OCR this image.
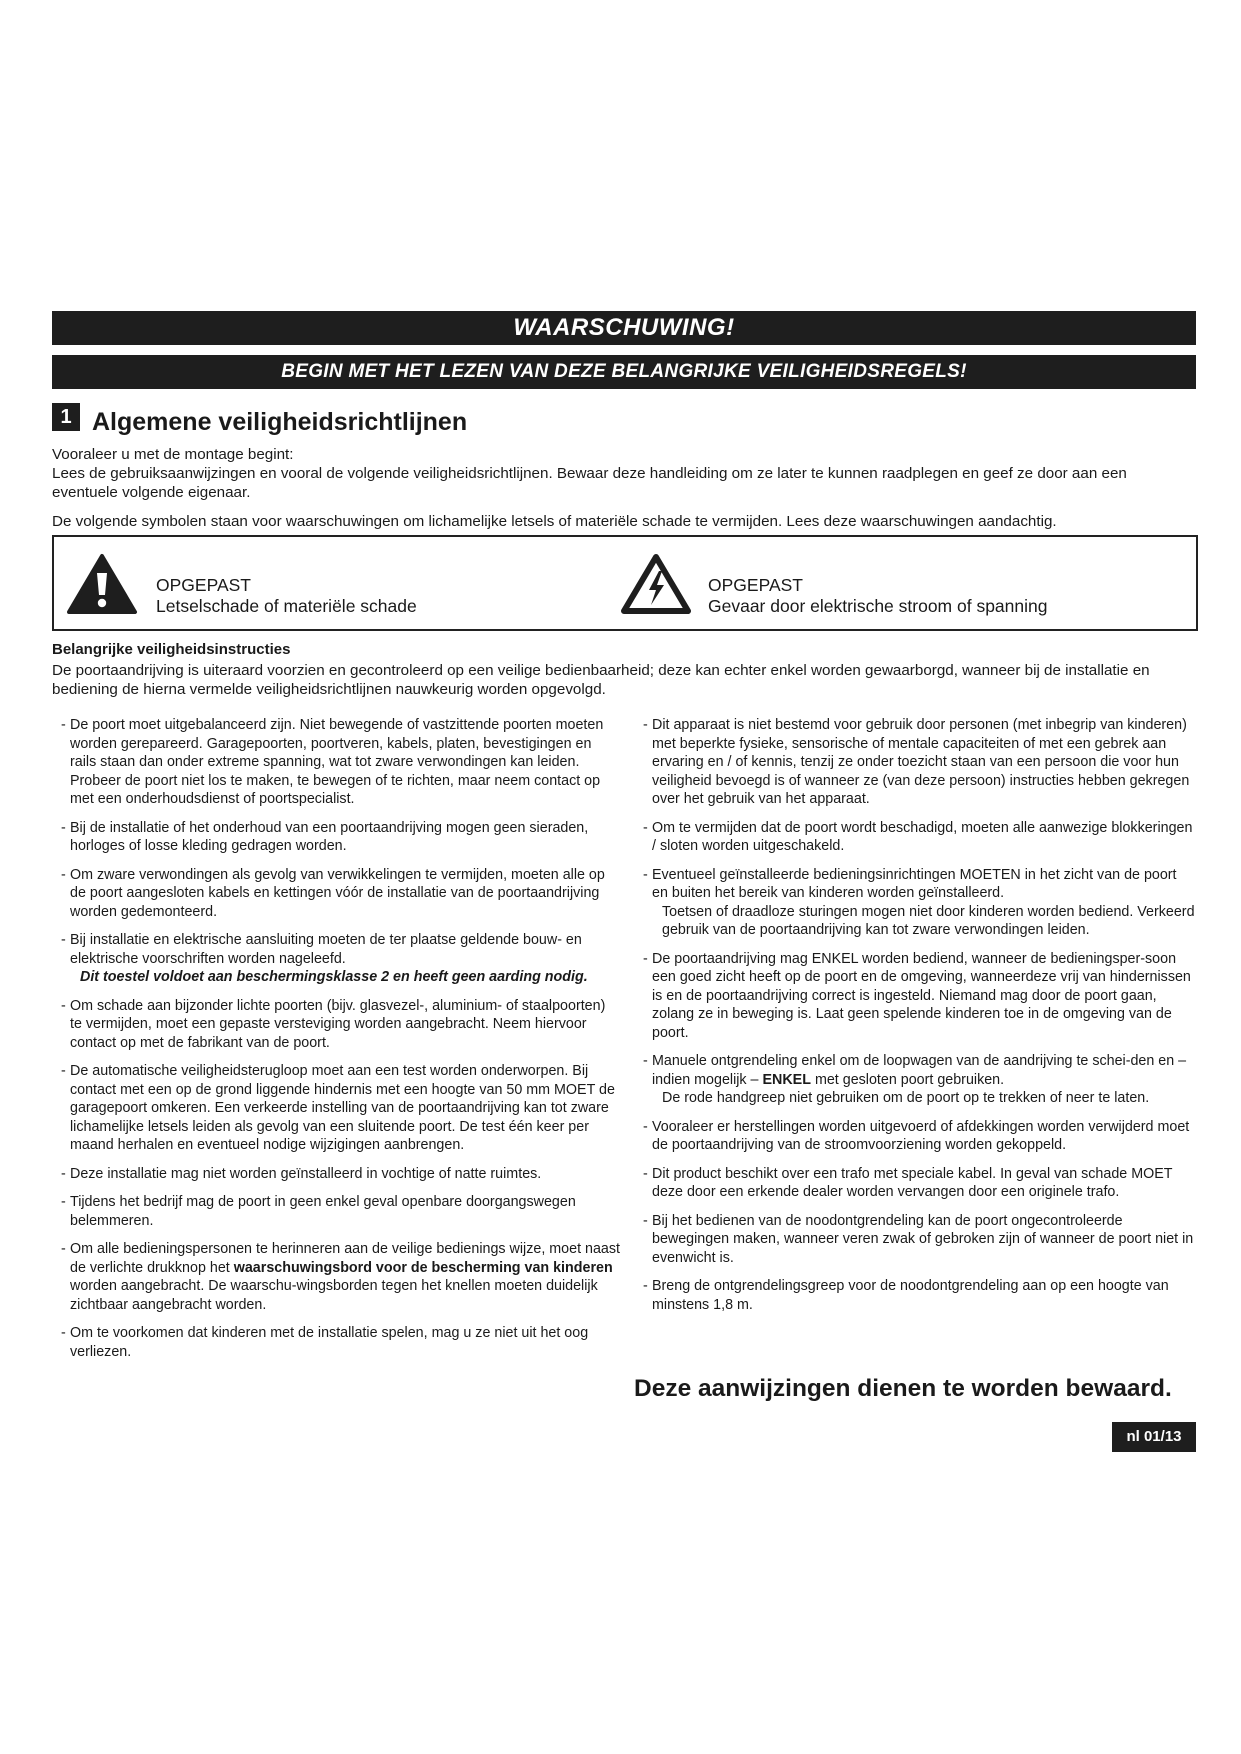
WAARSCHUWING!
BEGIN MET HET LEZEN VAN DEZE BELANGRIJKE VEILIGHEIDSREGELS!
1 Algemene veiligheidsrichtlijnen

Vooraleer u met de montage begint:

Lees de gebruiksaanwijzingen en vooral de volgende veiligheidsrichtlijnen. Bewaar deze handleiding om ze later te kunnen raadplegen en geef ze door aan een eventuele volgende eigenaar.

De volgende symbolen staan voor waarschuwingen om lichamelijke letsels of materiële schade te vermijden. Lees deze waarschuwingen aandachtig.

OPGEPAST
Letselschade of materiële schade
OPGEPAST
Gevaar door elektrische stroom of spanning

Belangrijke veiligheidsinstructies

De poortaandrijving is uiteraard voorzien en gecontroleerd op een veilige bedienbaarheid; deze kan echter enkel worden gewaarborgd, wanneer bij de installatie en bediening de hierna vermelde veiligheidsrichtlijnen nauwkeurig worden opgevolgd.

- De poort moet uitgebalanceerd zijn. Niet bewegende of vastzittende poorten moeten worden gerepareerd. Garagepoorten, poortveren, kabels, platen, bevestigingen en rails staan dan onder extreme spanning, wat tot zware verwondingen kan leiden. Probeer de poort niet los te maken, te bewegen of te richten, maar neem contact op met een onderhoudsdienst of poortspecialist.

- Bij de installatie of het onderhoud van een poortaandrijving mogen geen sieraden, horloges of losse kleding gedragen worden.

- Om zware verwondingen als gevolg van verwikkelingen te vermijden, moeten alle op de poort aangesloten kabels en kettingen vóór de installatie van de poortaandrijving worden gedemonteerd.

- Bij installatie en elektrische aansluiting moeten de ter plaatse geldende bouw- en elektrische voorschriften worden nageleefd.
Dit toestel voldoet aan beschermingsklasse 2 en heeft geen aarding nodig.

- Om schade aan bijzonder lichte poorten (bijv. glasvezel-, aluminium- of staalpoorten) te vermijden, moet een gepaste versteviging worden aangebracht. Neem hiervoor contact op met de fabrikant van de poort.

- De automatische veiligheidsterugloop moet aan een test worden onderworpen. Bij contact met een op de grond liggende hindernis met een hoogte van 50 mm MOET de garagepoort omkeren. Een verkeerde instelling van de poortaandrijving kan tot zware lichamelijke letsels leiden als gevolg van een sluitende poort. De test één keer per maand herhalen en eventueel nodige wijzigingen aanbrengen.

- Deze installatie mag niet worden geïnstalleerd in vochtige of natte ruimtes.

- Tijdens het bedrijf mag de poort in geen enkel geval openbare doorgangswegen belemmeren.

- Om alle bedieningspersonen te herinneren aan de veilige bedienings wijze, moet naast de verlichte drukknop het waarschuwingsbord voor de bescherming van kinderen worden aangebracht. De waarschu-wingsborden tegen het knellen moeten duidelijk zichtbaar aangebracht worden.

- Om te voorkomen dat kinderen met de installatie spelen, mag u ze niet uit het oog verliezen.

- Dit apparaat is niet bestemd voor gebruik door personen (met inbegrip van kinderen) met beperkte fysieke, sensorische of mentale capaciteiten of met een gebrek aan ervaring en / of kennis, tenzij ze onder toezicht staan van een persoon die voor hun veiligheid bevoegd is of wanneer ze (van deze persoon) instructies hebben gekregen over het gebruik van het apparaat.

- Om te vermijden dat de poort wordt beschadigd, moeten alle aanwezige blokkeringen / sloten worden uitgeschakeld.

- Eventueel geïnstalleerde bedieningsinrichtingen MOETEN in het zicht van de poort en buiten het bereik van kinderen worden geïnstalleerd.
Toetsen of draadloze sturingen mogen niet door kinderen worden bediend. Verkeerd gebruik van de poortaandrijving kan tot zware verwondingen leiden.

- De poortaandrijving mag ENKEL worden bediend, wanneer de bedieningsper-soon een goed zicht heeft op de poort en de omgeving, wanneerdeze vrij van hindernissen is en de poortaandrijving correct is ingesteld. Niemand mag door de poort gaan, zolang ze in beweging is. Laat geen spelende kinderen toe in de omgeving van de poort.

- Manuele ontgrendeling enkel om de loopwagen van de aandrijving te schei-den en – indien mogelijk – ENKEL met gesloten poort gebruiken.
De rode handgreep niet gebruiken om de poort op te trekken of neer te laten.

- Vooraleer er herstellingen worden uitgevoerd of afdekkingen worden verwijderd moet de poortaandrijving van de stroomvoorziening worden gekoppeld.

- Dit product beschikt over een trafo met speciale kabel. In geval van schade MOET deze door een erkende dealer worden vervangen door een originele trafo.

- Bij het bedienen van de noodontgrendeling kan de poort ongecontroleerde bewegingen maken, wanneer veren zwak of gebroken zijn of wanneer de poort niet in evenwicht is.

- Breng de ontgrendelingsgreep voor de noodontgrendeling aan op een hoogte van minstens 1,8 m.

Deze aanwijzingen dienen te worden bewaard.

nl 01/13
